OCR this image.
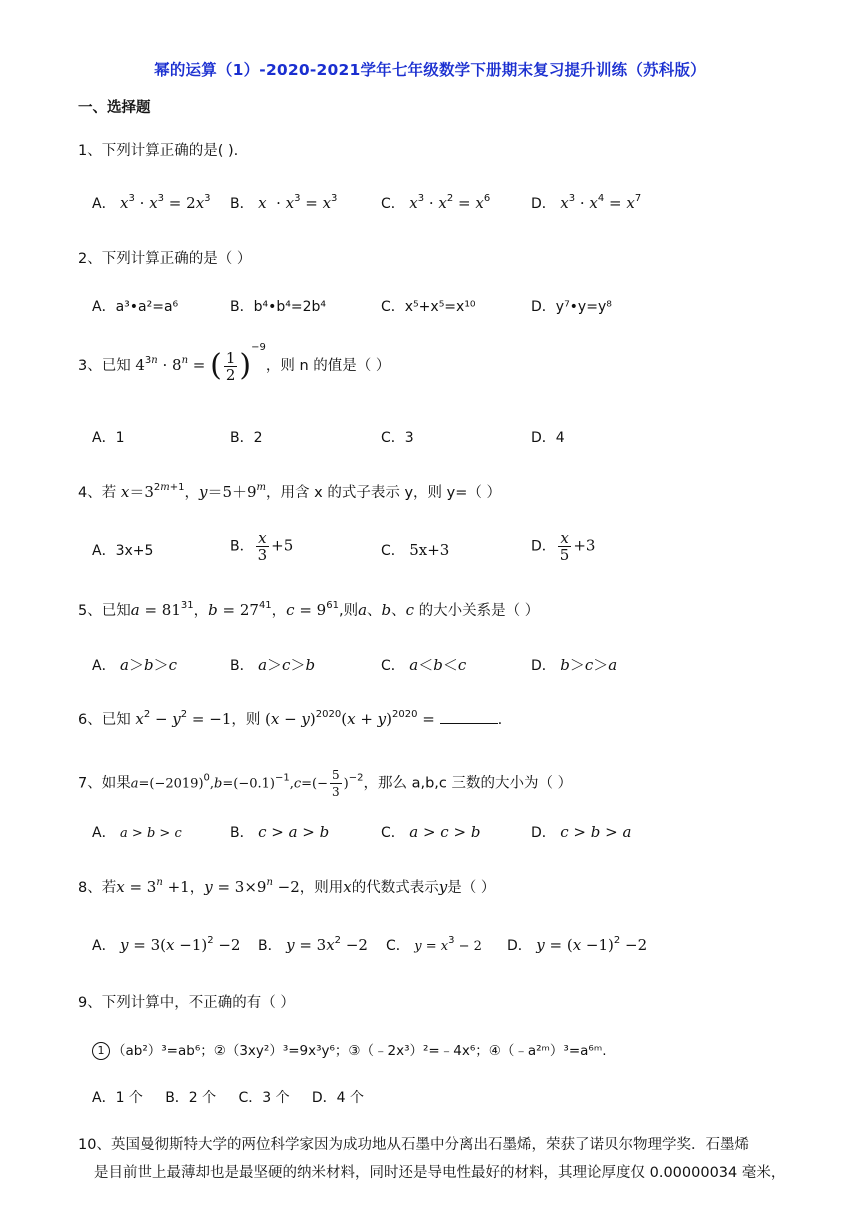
幂的运算（1）-2020-2021学年七年级数学下册期末复习提升训练（苏科版）
一、选择题
1、下列计算正确的是( ).
A． $x^3 \cdot x^3 = 2x^3$ B． $x \cdot x^3 = x^3$	C． $x^3 \cdot x^2 = x^6$	D． $x^3 \cdot x^4 = x^7$
2、下列计算正确的是（ ）
A．a³•a²=a⁶	B．b⁴•b⁴=2b⁴	C．x⁵+x⁵=x¹⁰	D．y⁷•y=y⁸
3、已知 $4^{3n} \cdot 8^n$ = ( $\frac{1}{2} )^{-9}$，则 n 的值是（ ）
A．1	B．2	C．3	D．4
4、若 $x=3^{2m+1}$，$y=5+9^m$，用含 x 的式子表示 y，则 y=（ ）
A．3x+5	B． $\frac{x}{3} +5$	C． 5x+3	D． $\frac{x}{5} +3$
5、已知$a = 81^{31}$，$b = 27^{41}$，$c = 9^{61}$,则a、b、c 的大小关系是（ ）
A． a＞b＞c	B． a＞c＞b	C． a＜b＜c	D． b＞c＞a
6、已知 $x^2 - y^2 = -1$，则 $(x - y)^{2020}(x + y)^{2020}$ =	.
7、如果$a=(-2019)^0,b=(-0.1)^{-1},c=(- \frac{5}{3} )^{-2}$，那么 a,b,c 三数的大小为（ ）
A． a > b > c	B． c > a > b	C． a > c > b	D． c > b > a
8、若$x = 3^n +1$，$y = 3\times 9^n -2$，则用x的代数式表示y是（ ）
A． $y = 3(x -1)^2 -2$ B． $y = 3x^2 -2$ C． $y = x^3 - 2$ D． $y = (x -1)^2 -2$
9、下列计算中，不正确的有（ ）
1 （ab²）³=ab⁶；②（3xy²）³=9x³y⁶；③（﹣2x³）²=﹣4x⁶；④（﹣a²ᵐ）³=a⁶ᵐ.
A．1 个 B．2 个 C．3 个 D．4 个
10、英国曼彻斯特大学的两位科学家因为成功地从石墨中分离出石墨烯，荣获了诺贝尔物理学奖．石墨烯
是目前世上最薄却也是最坚硬的纳米材料，同时还是导电性最好的材料，其理论厚度仅 0.00000034 毫米，
